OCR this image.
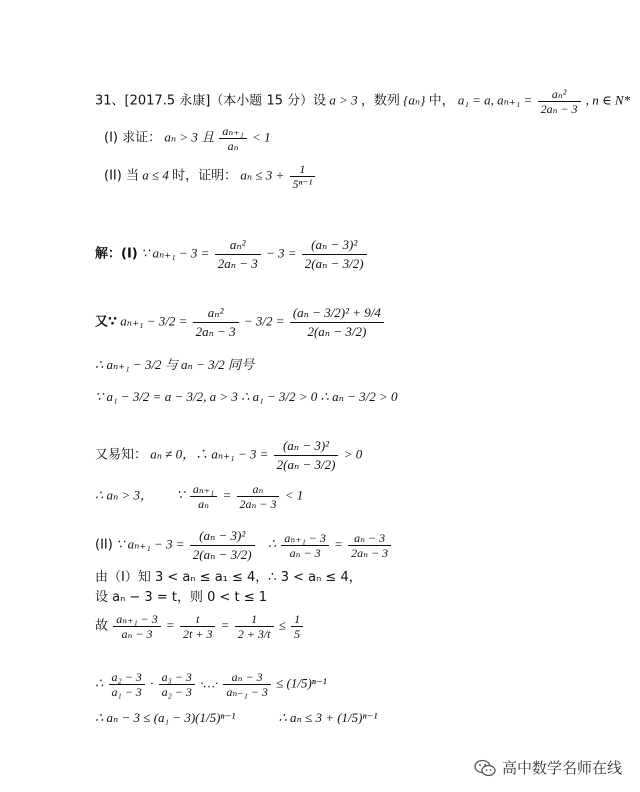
31、[2017.5 永康]（本小题 15 分）设 a > 3 ，数列 {aₙ} 中， a₁ = a, $a_{n+1} = \frac{\text{aₙ²}}{\text{2aₙ − 3}}$ , n ∈ N*
(I) 求证： aₙ > 3 且 $\frac{\text{aₙ₊₁}}{\text{aₙ}} < 1$
(II) 当 a ≤ 4 时，证明： $a_n \le 3 + \frac{1}{\text{5ⁿ⁻¹}}$
解：(I) ∵ $a_{n+1} - 3 = \frac{\text{aₙ²}}{\text{2aₙ − 3}} - 3 = \frac{\text{(aₙ − 3)²}}{\text{2(aₙ − 3/2)}}$
又∵ $a_{n+1} - 3/2 = \frac{\text{aₙ²}}{\text{2aₙ − 3}} - 3/2 = \frac{\text{(aₙ − 3/2)² + 9/4}}{\text{2(aₙ − 3/2)}}$
∴ aₙ₊₁ − 3/2 与 aₙ − 3/2 同号
∵ a₁ − 3/2 = a − 3/2, a > 3 ∴ a₁ − 3/2 > 0 ∴ aₙ − 3/2 > 0
又易知： aₙ ≠ 0，∴ $a_{n+1} - 3 = \frac{\text{(aₙ − 3)²}}{\text{2(aₙ − 3/2)}} > 0$
∴ aₙ > 3， ∵ $\frac{\text{aₙ₊₁}}{\text{aₙ}} = \frac{\text{aₙ}}{\text{2aₙ − 3}} < 1$
(II) ∵ $a_{n+1} - 3 = \frac{\text{(aₙ − 3)²}}{\text{2(aₙ − 3/2)}}$ ∴ $\frac{\text{aₙ₊₁ − 3}}{\text{aₙ − 3}} = \frac{\text{aₙ − 3}}{\text{2aₙ − 3}}$
由（I）知 3 < aₙ ≤ a₁ ≤ 4，∴ 3 < aₙ ≤ 4，
设 aₙ − 3 = t，则 0 < t ≤ 1
故 $\frac{\text{aₙ₊₁ − 3}}{\text{aₙ − 3}} = \frac{t}{2t + 3} = \frac{1}{2 + 3/t} \le \frac{1}{5}$
∴ $\frac{\text{a₂ − 3}}{\text{a₁ − 3}} \cdot \frac{\text{a₃ − 3}}{\text{a₂ − 3}}$ ·…· $\frac{\text{aₙ − 3}}{\text{aₙ₋₁ − 3}} \le (1/5)^{n-1}$
∴ aₙ − 3 ≤ (a₁ − 3)(1/5)ⁿ⁻¹	∴ aₙ ≤ 3 + (1/5)ⁿ⁻¹
高中数学名师在线
